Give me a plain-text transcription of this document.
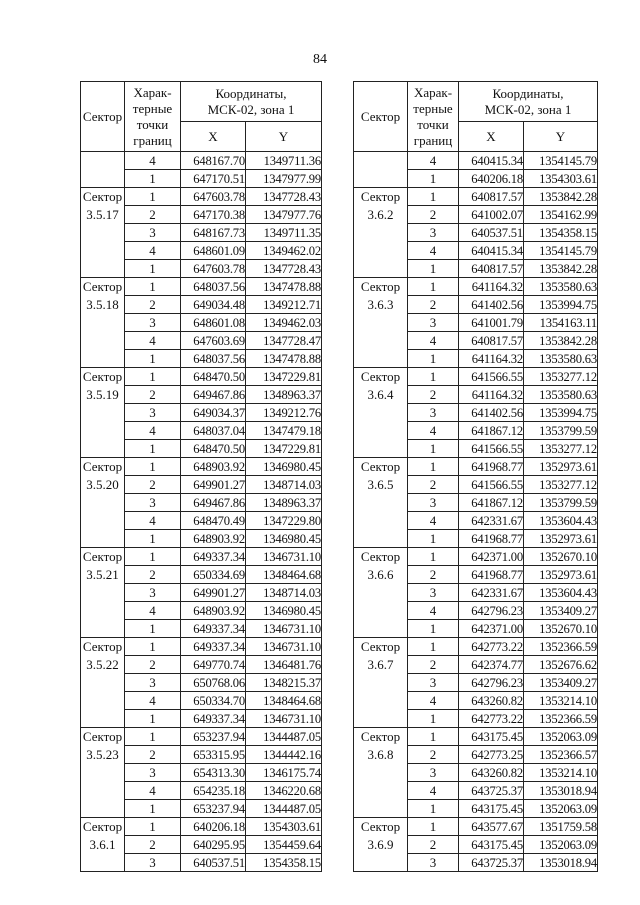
84
Сектор	Харак-
терные
точки
границ	Координаты,
МСК-02, зона 1	

		X	Y

	4	648167.70	1349711.36
	1	647170.51	1347977.99

Сектор
3.5.17	1	647603.78	1347728.43
	2	647170.38	1347977.76
	3	648167.73	1349711.35
	4	648601.09	1349462.02
	1	647603.78	1347728.43

Сектор
3.5.18	1	648037.56	1347478.88
	2	649034.48	1349212.71
	3	648601.08	1349462.03
	4	647603.69	1347728.47
	1	648037.56	1347478.88

Сектор
3.5.19	1	648470.50	1347229.81
	2	649467.86	1348963.37
	3	649034.37	1349212.76
	4	648037.04	1347479.18
	1	648470.50	1347229.81

Сектор
3.5.20	1	648903.92	1346980.45
	2	649901.27	1348714.03
	3	649467.86	1348963.37
	4	648470.49	1347229.80
	1	648903.92	1346980.45

Сектор
3.5.21	1	649337.34	1346731.10
	2	650334.69	1348464.68
	3	649901.27	1348714.03
	4	648903.92	1346980.45
	1	649337.34	1346731.10

Сектор
3.5.22	1	649337.34	1346731.10
	2	649770.74	1346481.76
	3	650768.06	1348215.37
	4	650334.70	1348464.68
	1	649337.34	1346731.10

Сектор
3.5.23	1	653237.94	1344487.05
	2	653315.95	1344442.16
	3	654313.30	1346175.74
	4	654235.18	1346220.68
	1	653237.94	1344487.05

Сектор
3.6.1	1	640206.18	1354303.61
	2	640295.95	1354459.64
	3	640537.51	1354358.15
Сектор	Харак-
терные
точки
границ	Координаты,
МСК-02, зона 1	

		X	Y

	4	640415.34	1354145.79
	1	640206.18	1354303.61

Сектор
3.6.2	1	640817.57	1353842.28
	2	641002.07	1354162.99
	3	640537.51	1354358.15
	4	640415.34	1354145.79
	1	640817.57	1353842.28

Сектор
3.6.3	1	641164.32	1353580.63
	2	641402.56	1353994.75
	3	641001.79	1354163.11
	4	640817.57	1353842.28
	1	641164.32	1353580.63

Сектор
3.6.4	1	641566.55	1353277.12
	2	641164.32	1353580.63
	3	641402.56	1353994.75
	4	641867.12	1353799.59
	1	641566.55	1353277.12

Сектор
3.6.5	1	641968.77	1352973.61
	2	641566.55	1353277.12
	3	641867.12	1353799.59
	4	642331.67	1353604.43
	1	641968.77	1352973.61

Сектор
3.6.6	1	642371.00	1352670.10
	2	641968.77	1352973.61
	3	642331.67	1353604.43
	4	642796.23	1353409.27
	1	642371.00	1352670.10

Сектор
3.6.7	1	642773.22	1352366.59
	2	642374.77	1352676.62
	3	642796.23	1353409.27
	4	643260.82	1353214.10
	1	642773.22	1352366.59

Сектор
3.6.8	1	643175.45	1352063.09
	2	642773.25	1352366.57
	3	643260.82	1353214.10
	4	643725.37	1353018.94
	1	643175.45	1352063.09

Сектор
3.6.9	1	643577.67	1351759.58
	2	643175.45	1352063.09
	3	643725.37	1353018.94
